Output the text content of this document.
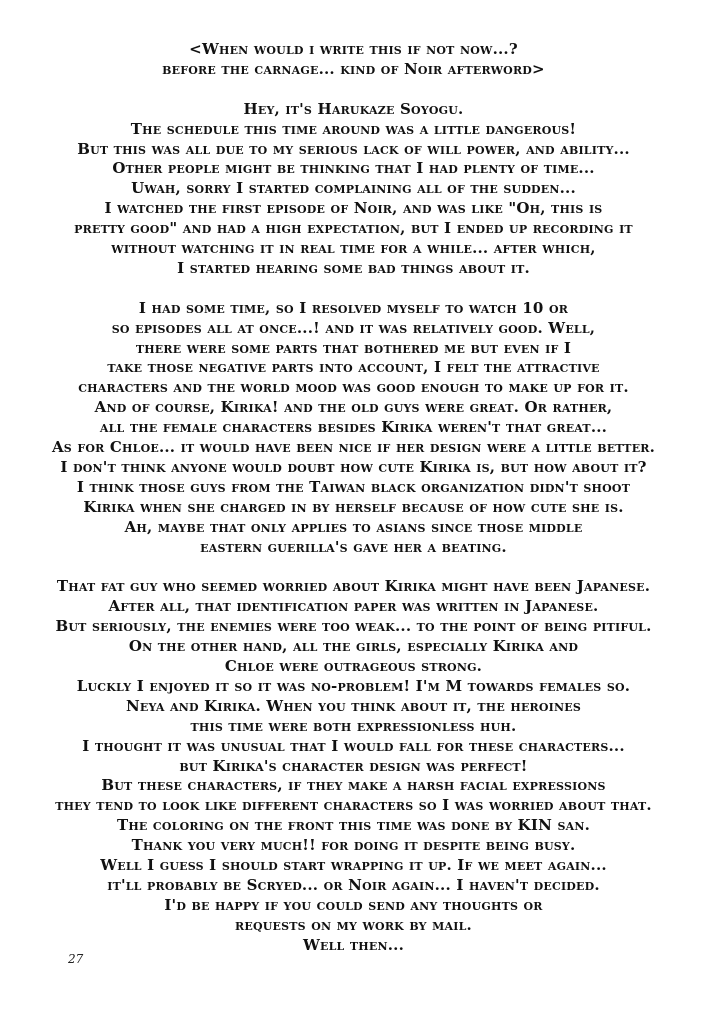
<When would i write this if not now...?
before the carnage... kind of Noir afterword>
Hey, it's Harukaze Soyogu.
The schedule this time around was a little dangerous!
But this was all due to my serious lack of will power, and ability...
Other people might be thinking that I had plenty of time...
Uwah, sorry I started complaining all of the sudden...
I watched the first episode of Noir, and was like "Oh, this is
pretty good" and had a high expectation, but I ended up recording it
without watching it in real time for a while... after which,
I started hearing some bad things about it.
I had some time, so I resolved myself to watch 10 or
so episodes all at once...! and it was relatively good. Well,
there were some parts that bothered me but even if I
take those negative parts into account, I felt the attractive
characters and the world mood was good enough to make up for it.
And of course, Kirika! and the old guys were great. Or rather,
all the female characters besides Kirika weren't that great...
As for Chloe... it would have been nice if her design were a little better.
I don't think anyone would doubt how cute Kirika is, but how about it?
I think those guys from the Taiwan black organization didn't shoot
Kirika when she charged in by herself because of how cute she is.
Ah, maybe that only applies to asians since those middle
eastern guerilla's gave her a beating.
That fat guy who seemed worried about Kirika might have been Japanese.
After all, that identification paper was written in Japanese.
But seriously, the enemies were too weak... to the point of being pitiful.
On the other hand, all the girls, especially Kirika and
Chloe were outrageous strong.
Luckly I enjoyed it so it was no-problem! I'm M towards females so.
Neya and Kirika. When you think about it, the heroines
this time were both expressionless huh.
I thought it was unusual that I would fall for these characters...
but Kirika's character design was perfect!
But these characters, if they make a harsh facial expressions
they tend to look like different characters so I was worried about that.
The coloring on the front this time was done by KIN san.
Thank you very much!! for doing it despite being busy.
Well I guess I should start wrapping it up. If we meet again...
it'll probably be Scryed... or Noir again... I haven't decided.
I'd be happy if you could send any thoughts or
requests on my work by mail.
Well then...
27
